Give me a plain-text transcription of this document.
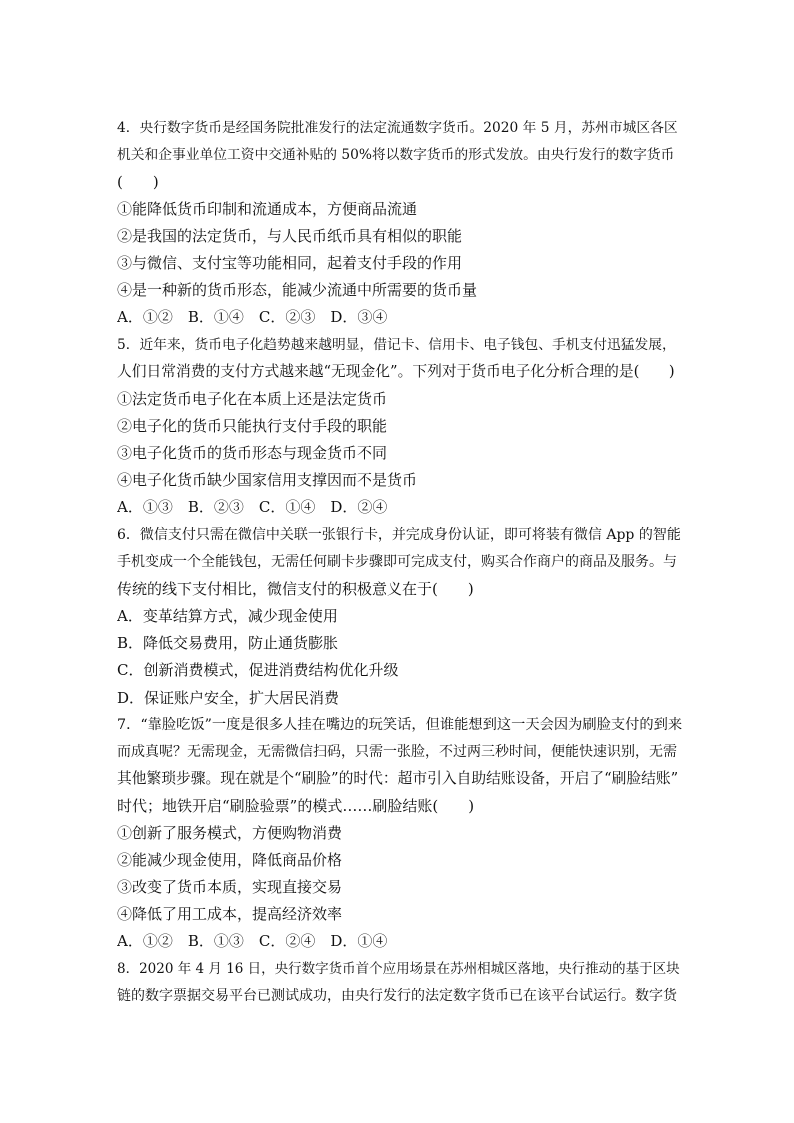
4．央行数字货币是经国务院批准发行的法定流通数字货币。2020 年 5 月，苏州市城区各区
机关和企事业单位工资中交通补贴的 50%将以数字货币的形式发放。由央行发行的数字货币
(　　)
①能降低货币印制和流通成本，方便商品流通
②是我国的法定货币，与人民币纸币具有相似的职能
③与微信、支付宝等功能相同，起着支付手段的作用
④是一种新的货币形态，能减少流通中所需要的货币量
A．①②　B．①④　C．②③　D．③④
5．近年来，货币电子化趋势越来越明显，借记卡、信用卡、电子钱包、手机支付迅猛发展，
人们日常消费的支付方式越来越“无现金化”。下列对于货币电子化分析合理的是(　　)
①法定货币电子化在本质上还是法定货币
②电子化的货币只能执行支付手段的职能
③电子化货币的货币形态与现金货币不同
④电子化货币缺少国家信用支撑因而不是货币
A．①③　B．②③　C．①④　D．②④
6．微信支付只需在微信中关联一张银行卡，并完成身份认证，即可将装有微信 App 的智能
手机变成一个全能钱包，无需任何刷卡步骤即可完成支付，购买合作商户的商品及服务。与
传统的线下支付相比，微信支付的积极意义在于(　　)
A．变革结算方式，减少现金使用
B．降低交易费用，防止通货膨胀
C．创新消费模式，促进消费结构优化升级
D．保证账户安全，扩大居民消费
7．“靠脸吃饭”一度是很多人挂在嘴边的玩笑话，但谁能想到这一天会因为刷脸支付的到来
而成真呢？无需现金，无需微信扫码，只需一张脸，不过两三秒时间，便能快速识别，无需
其他繁琐步骤。现在就是个“刷脸”的时代：超市引入自助结账设备，开启了“刷脸结账”
时代；地铁开启“刷脸验票”的模式……刷脸结账(　　)
①创新了服务模式，方便购物消费
②能减少现金使用，降低商品价格
③改变了货币本质，实现直接交易
④降低了用工成本，提高经济效率
A．①②　B．①③　C．②④　D．①④
8．2020 年 4 月 16 日，央行数字货币首个应用场景在苏州相城区落地，央行推动的基于区块
链的数字票据交易平台已测试成功，由央行发行的法定数字货币已在该平台试运行。数字货
